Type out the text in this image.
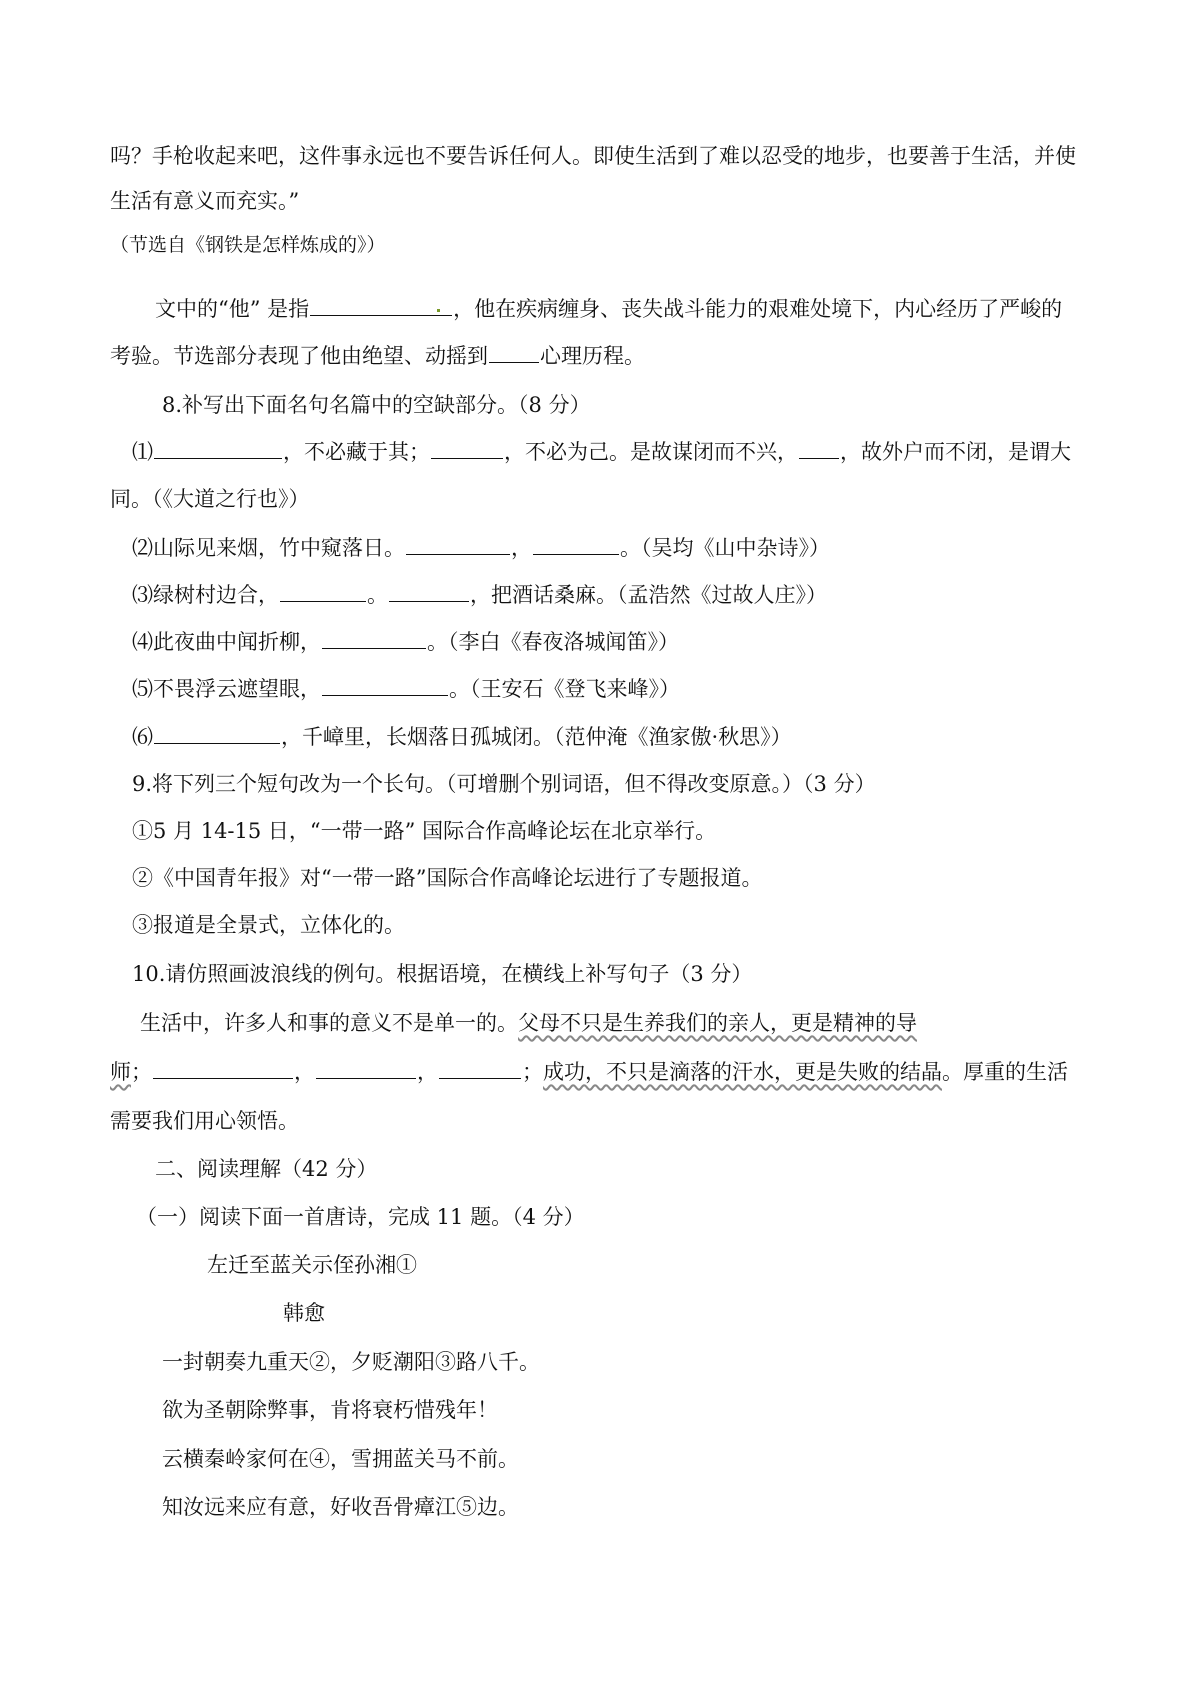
吗？手枪收起来吧，这件事永远也不要告诉任何人。即使生活到了难以忍受的地步，也要善于生活，并使
生活有意义而充实。”
（节选自《钢铁是怎样炼成的》）
文中的“他” 是指	，他在疾病缠身、丧失战斗能力的艰难处境下，内心经历了严峻的
考验。节选部分表现了他由绝望、动摇到 心理历程。
8.补写出下面名句名篇中的空缺部分。（8 分）
⑴	，不必藏于其；	，不必为己。是故谋闭而不兴， ，故外户而不闭，是谓大
同。（《大道之行也》）
⑵山际见来烟，竹中窥落日。	，	。（吴均《山中杂诗》）
⑶绿树村边合，	。	，把酒话桑麻。（孟浩然《过故人庄》）
⑷此夜曲中闻折柳，	。（李白《春夜洛城闻笛》）
⑸不畏浮云遮望眼，	。（王安石《登飞来峰》）
⑹	，千嶂里，长烟落日孤城闭。（范仲淹《渔家傲·秋思》）
9.将下列三个短句改为一个长句。（可增删个别词语，但不得改变原意。）（3 分）
①5 月 14-15 日，“一带一路” 国际合作高峰论坛在北京举行。
②《中国青年报》对“一带一路”国际合作高峰论坛进行了专题报道。
③报道是全景式，立体化的。
10.请仿照画波浪线的例句。根据语境，在横线上补写句子（3 分）
生活中，许多人和事的意义不是单一的。父母不只是生养我们的亲人，更是精神的导
师；	，	，	；成功，不只是滴落的汗水，更是失败的结晶。厚重的生活
需要我们用心领悟。
二、阅读理解（42 分）
（一）阅读下面一首唐诗，完成 11 题。（4 分）
左迁至蓝关示侄孙湘①
韩愈
一封朝奏九重天②，夕贬潮阳③路八千。
欲为圣朝除弊事，肯将衰朽惜残年！
云横秦岭家何在④，雪拥蓝关马不前。
知汝远来应有意，好收吾骨瘴江⑤边。
